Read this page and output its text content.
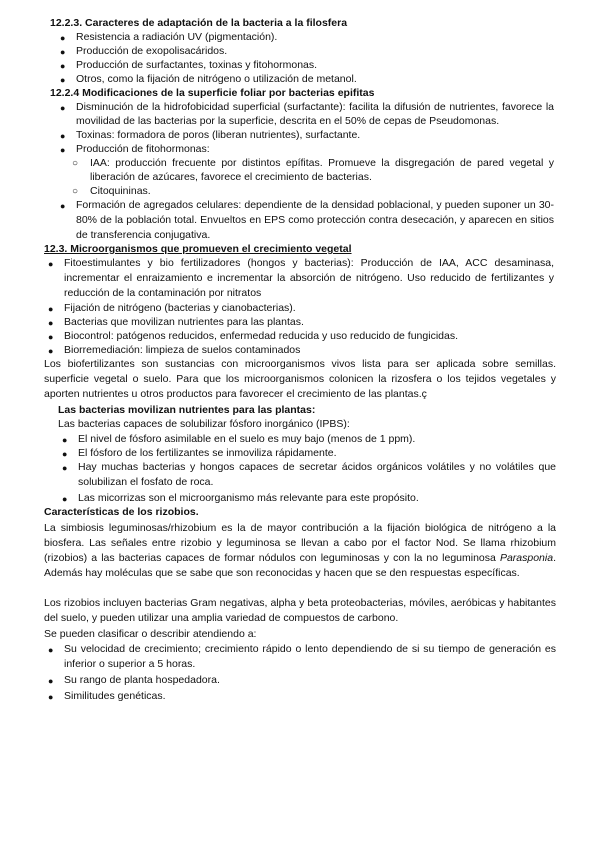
12.2.3. Caracteres de adaptación de la bacteria a la filosfera
● Resistencia a radiación UV (pigmentación).
● Producción de exopolisacáridos.
● Producción de surfactantes, toxinas y fitohormonas.
● Otros, como la fijación de nitrógeno o utilización de metanol.
12.2.4 Modificaciones de la superficie foliar por bacterias epifitas
● Disminución de la hidrofobicidad superficial (surfactante): facilita la difusión de nutrientes, favorece la movilidad de las bacterias por la superficie, descrita en el 50% de cepas de Pseudomonas.
● Toxinas: formadora de poros (liberan nutrientes), surfactante.
● Producción de fitohormonas:
○ IAA: producción frecuente por distintos epífitas. Promueve la disgregación de pared vegetal y liberación de azúcares, favorece el crecimiento de bacterias.
○ Citoquininas.
● Formación de agregados celulares: dependiente de la densidad poblacional, y pueden suponer un 30-80% de la población total. Envueltos en EPS como protección contra desecación, y aparecen en sitios de transferencia conjugativa.
12.3. Microorganismos que promueven el crecimiento vegetal
● Fitoestimulantes y bio fertilizadores (hongos y bacterias): Producción de IAA, ACC desaminasa, incrementar el enraizamiento e incrementar la absorción de nitrógeno. Uso reducido de fertilizantes y reducción de la contaminación por nitratos
● Fijación de nitrógeno (bacterias y cianobacterias).
● Bacterias que movilizan nutrientes para las plantas.
● Biocontrol: patógenos reducidos, enfermedad reducida y uso reducido de fungicidas.
● Biorremediación: limpieza de suelos contaminados
Los biofertilizantes son sustancias con microorganismos vivos lista para ser aplicada sobre semillas. superficie vegetal o suelo. Para que los microorganismos colonicen la rizosfera o los tejidos vegetales y aporten nutrientes u otros productos para favorecer el crecimiento de las plantas.ç
Las bacterias movilizan nutrientes para las plantas:
Las bacterias capaces de solubilizar fósforo inorgánico (IPBS):
● El nivel de fósforo asimilable en el suelo es muy bajo (menos de 1 ppm).
● El fósforo de los fertilizantes se inmoviliza rápidamente.
● Hay muchas bacterias y hongos capaces de secretar ácidos orgánicos volátiles y no volátiles que solubilizan el fosfato de roca.
● Las micorrizas son el microorganismo más relevante para este propósito.
Características de los rizobios.
La simbiosis leguminosas/rhizobium es la de mayor contribución a la fijación biológica de nitrógeno a la biosfera. Las señales entre rizobio y leguminosa se llevan a cabo por el factor Nod. Se llama rhizobium (rizobios) a las bacterias capaces de formar nódulos con leguminosas y con la no leguminosa Parasponia. Además hay moléculas que se sabe que son reconocidas y hacen que se den respuestas específicas.
Los rizobios incluyen bacterias Gram negativas, alpha y beta proteobacterias, móviles, aeróbicas y habitantes del suelo, y pueden utilizar una amplia variedad de compuestos de carbono.
Se pueden clasificar o describir atendiendo a:
● Su velocidad de crecimiento; crecimiento rápido o lento dependiendo de si su tiempo de generación es inferior o superior a 5 horas.
● Su rango de planta hospedadora.
● Similitudes genéticas.
